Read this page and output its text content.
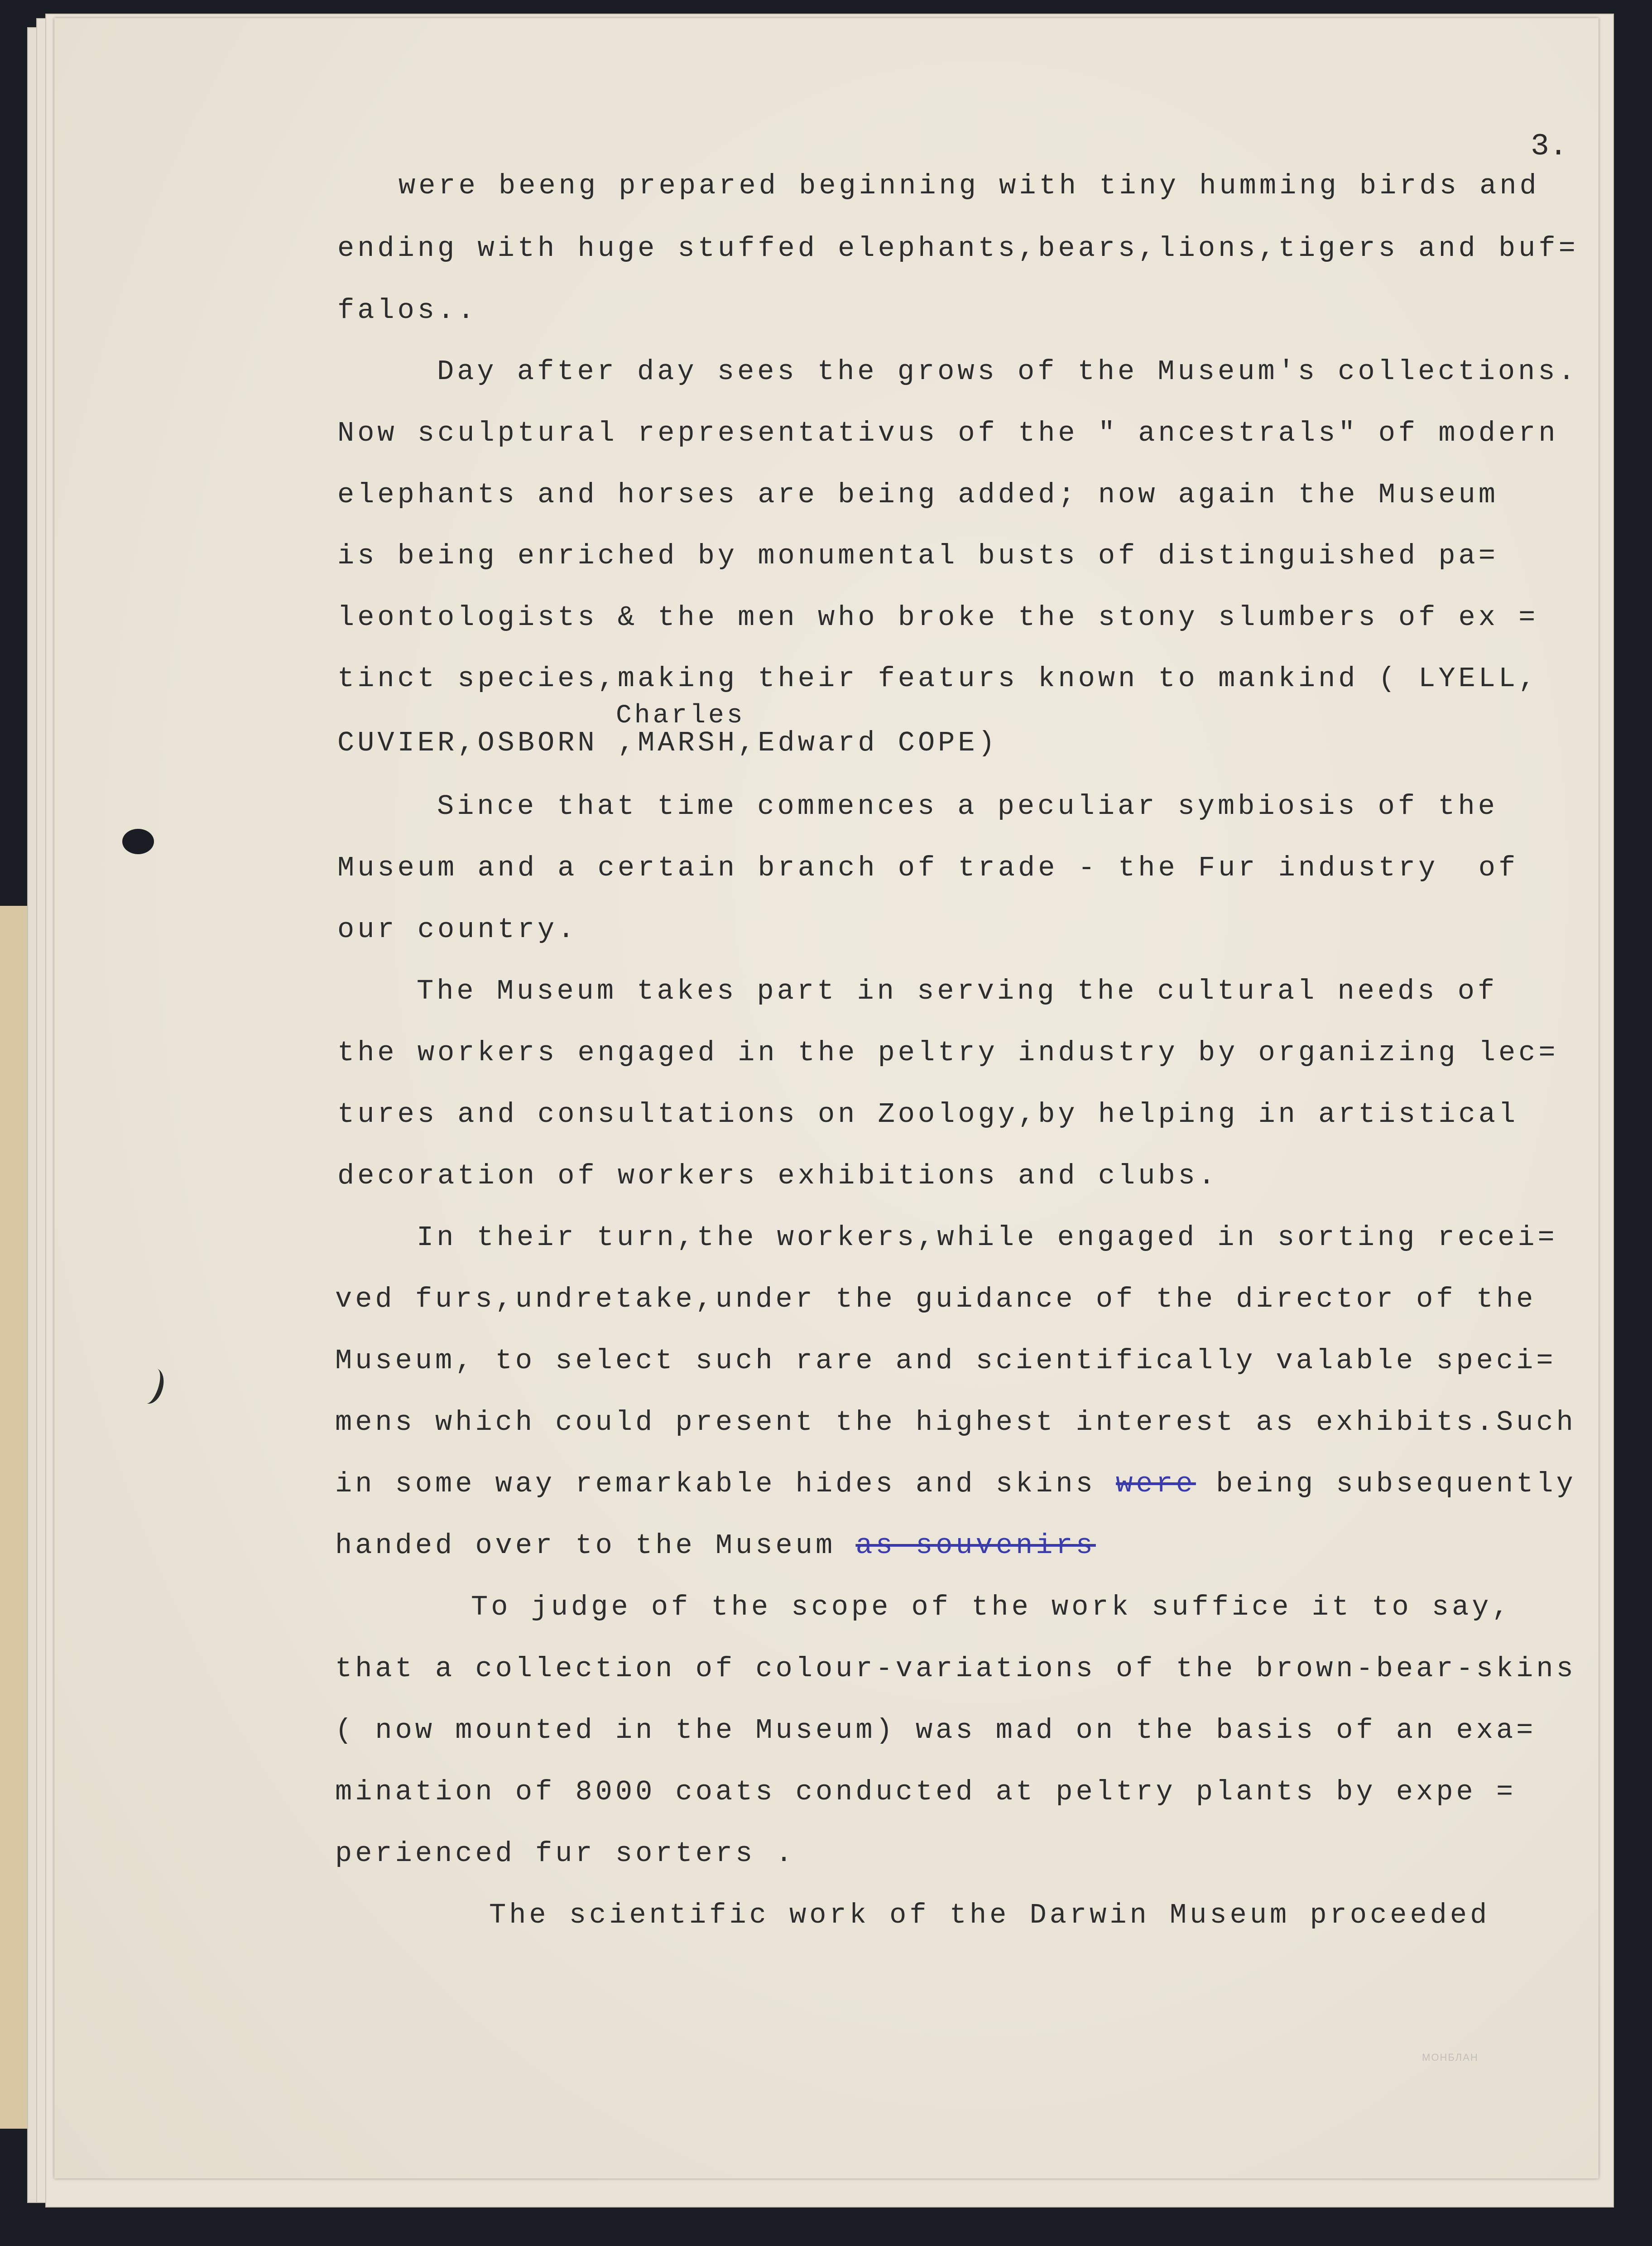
3.
were beeng prepared beginning with tiny humming birds and
ending with huge stuffed elephants,bears,lions,tigers and buf=
falos..
Day after day sees the grows of the Museum's collections.
Now sculptural representativus of the " ancestrals" of modern
elephants and horses are being added; now again the Museum
is being enriched by monumental busts of distinguished pa=
leontologists & the men who broke the stony slumbers of ex =
tinct species,making their featurs known to mankind ( LYELL,
Charles
CUVIER,OSBORN ,MARSH,Edward COPE)
Since that time commences a peculiar symbiosis of the
Museum and a certain branch of trade - the Fur industry  of
our country.
The Museum takes part in serving the cultural needs of
the workers engaged in the peltry industry by organizing lec=
tures and consultations on Zoology,by helping in artistical
decoration of workers exhibitions and clubs.
In their turn,the workers,while engaged in sorting recei=
ved furs,undretake,under the guidance of the director of the
Museum, to select such rare and scientifically valable speci=
mens which could present the highest interest as exhibits.Such
in some way remarkable hides and skins were being subsequently
handed over to the Museum as souvenirs
To judge of the scope of the work suffice it to say,
that a collection of colour-variations of the brown-bear-skins
( now mounted in the Museum) was mad on the basis of an exa=
mination of 8000 coats conducted at peltry plants by expe =
perienced fur sorters .
The scientific work of the Darwin Museum proceeded
МОНБЛАН
